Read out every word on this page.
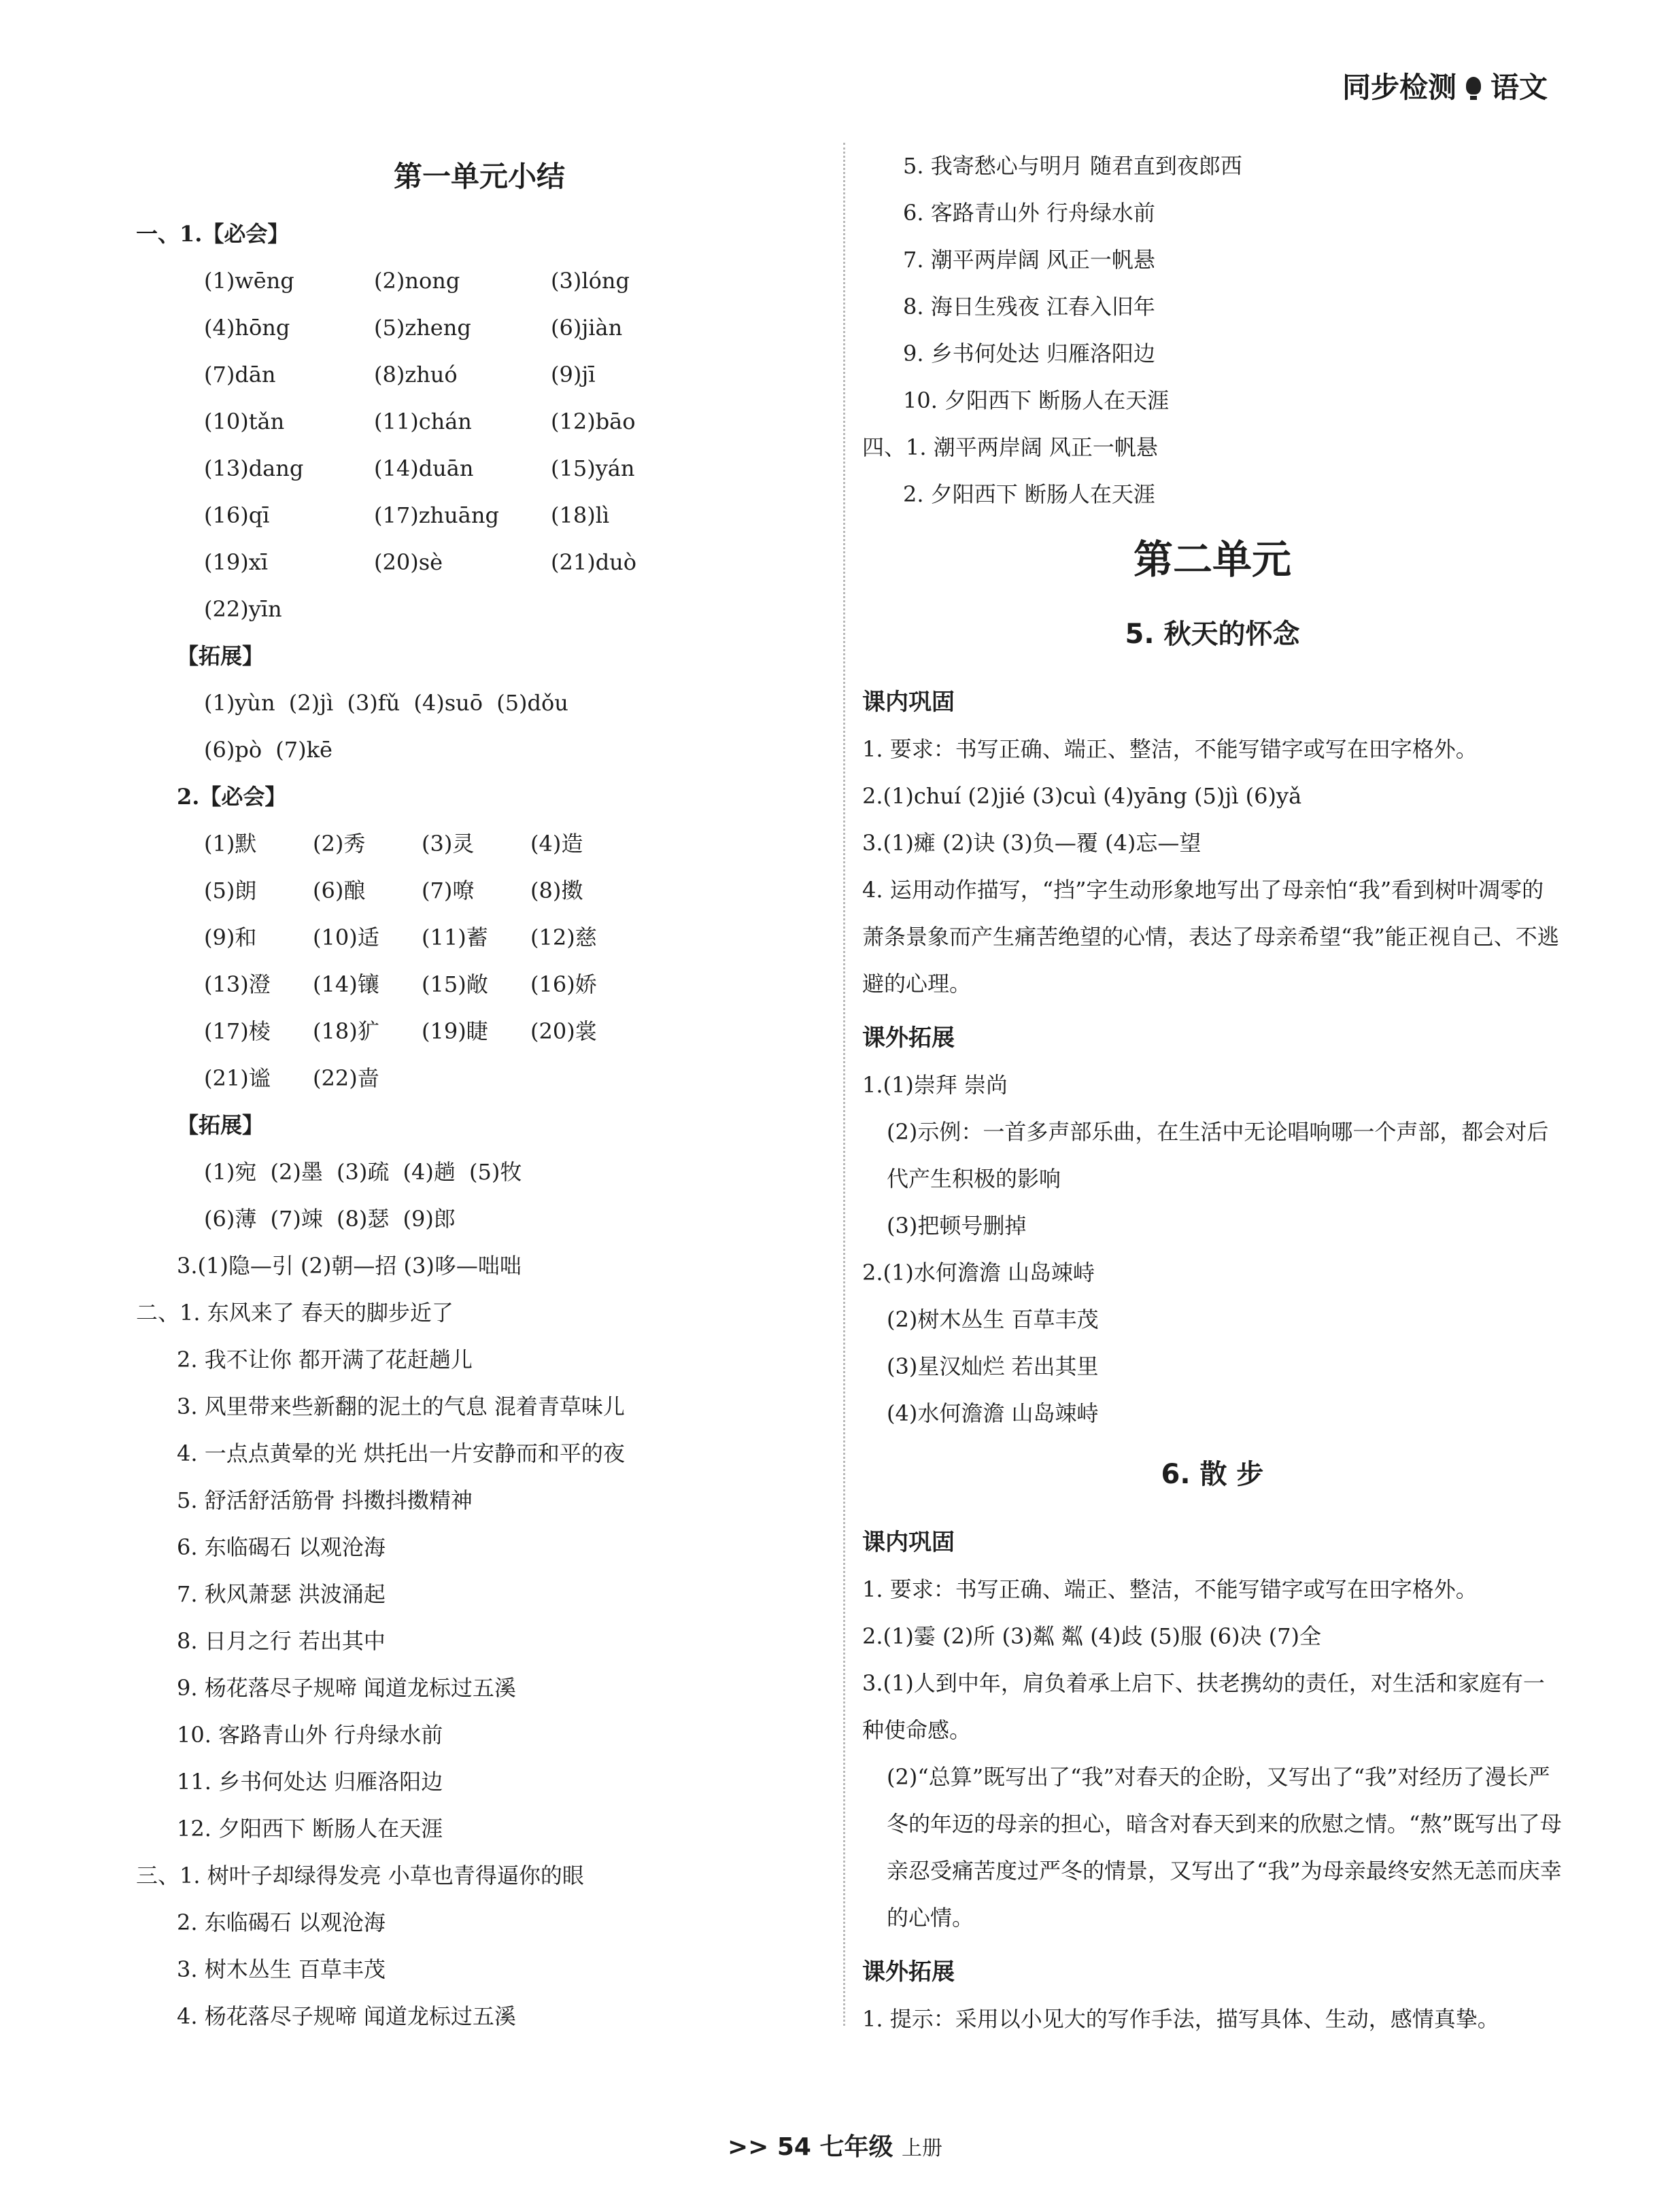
同步检测 语文
第一单元小结
一、1.【必会】
(1)wēng	(2)nong	(3)lóng
(4)hōng	(5)zheng	(6)jiàn
(7)dān	(8)zhuó	(9)jī
(10)tǎn	(11)chán	(12)bāo
(13)dang	(14)duān	(15)yán
(16)qī	(17)zhuāng	(18)lì
(19)xī	(20)sè	(21)duò
(22)yīn
【拓展】
(1)yùn (2)jì (3)fǔ (4)suō (5)dǒu
(6)pò (7)kē
2.【必会】
(1)默	(2)秀	(3)灵	(4)造
(5)朗	(6)酿	(7)嘹	(8)擞
(9)和	(10)适	(11)蓄	(12)慈
(13)澄	(14)镶	(15)敞	(16)娇
(17)棱	(18)犷	(19)睫	(20)裳
(21)谧	(22)啬
【拓展】
(1)宛 (2)墨 (3)疏 (4)趟 (5)牧
(6)薄 (7)竦 (8)瑟 (9)郎
3.(1)隐—引 (2)朝—招 (3)哆—咄咄
二、1. 东风来了 春天的脚步近了
2. 我不让你 都开满了花赶趟儿
3. 风里带来些新翻的泥土的气息 混着青草味儿
4. 一点点黄晕的光 烘托出一片安静而和平的夜
5. 舒活舒活筋骨 抖擞抖擞精神
6. 东临碣石 以观沧海
7. 秋风萧瑟 洪波涌起
8. 日月之行 若出其中
9. 杨花落尽子规啼 闻道龙标过五溪
10. 客路青山外 行舟绿水前
11. 乡书何处达 归雁洛阳边
12. 夕阳西下 断肠人在天涯
三、1. 树叶子却绿得发亮 小草也青得逼你的眼
2. 东临碣石 以观沧海
3. 树木丛生 百草丰茂
4. 杨花落尽子规啼 闻道龙标过五溪
5. 我寄愁心与明月 随君直到夜郎西
6. 客路青山外 行舟绿水前
7. 潮平两岸阔 风正一帆悬
8. 海日生残夜 江春入旧年
9. 乡书何处达 归雁洛阳边
10. 夕阳西下 断肠人在天涯
四、1. 潮平两岸阔 风正一帆悬
2. 夕阳西下 断肠人在天涯
第二单元
5. 秋天的怀念
课内巩固
1. 要求：书写正确、端正、整洁，不能写错字或写在田字格外。
2.(1)chuí (2)jié (3)cuì (4)yāng (5)jì (6)yǎ
3.(1)瘫 (2)诀 (3)负—覆 (4)忘—望
4. 运用动作描写，“挡”字生动形象地写出了母亲怕“我”看到树叶凋零的萧条景象而产生痛苦绝望的心情，表达了母亲希望“我”能正视自己、不逃避的心理。
课外拓展
1.(1)崇拜 崇尚
(2)示例：一首多声部乐曲，在生活中无论唱响哪一个声部，都会对后代产生积极的影响
(3)把顿号删掉
2.(1)水何澹澹 山岛竦峙
(2)树木丛生 百草丰茂
(3)星汉灿烂 若出其里
(4)水何澹澹 山岛竦峙
6. 散 步
课内巩固
1. 要求：书写正确、端正、整洁，不能写错字或写在田字格外。
2.(1)霎 (2)所 (3)粼 粼 (4)歧 (5)服 (6)决 (7)全
3.(1)人到中年，肩负着承上启下、扶老携幼的责任，对生活和家庭有一种使命感。
(2)“总算”既写出了“我”对春天的企盼，又写出了“我”对经历了漫长严冬的年迈的母亲的担心，暗含对春天到来的欣慰之情。“熬”既写出了母亲忍受痛苦度过严冬的情景，又写出了“我”为母亲最终安然无恙而庆幸的心情。
课外拓展
1. 提示：采用以小见大的写作手法，描写具体、生动，感情真挚。
>> 54 七年级 上册
